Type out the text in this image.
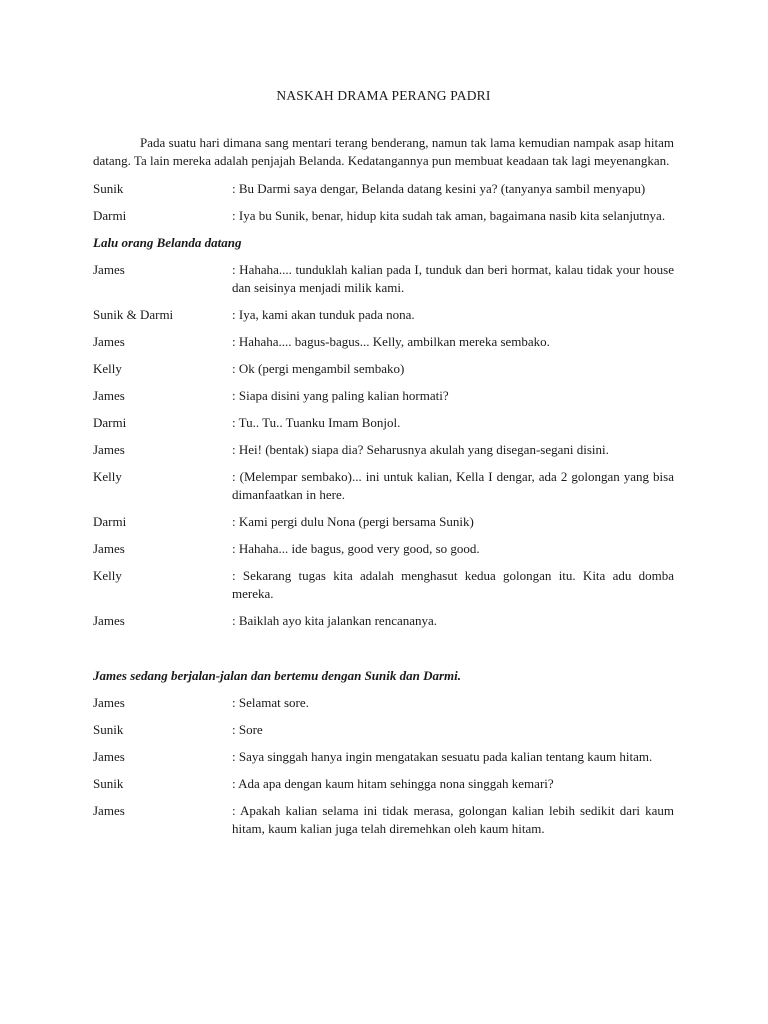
NASKAH DRAMA PERANG PADRI

Pada suatu hari dimana sang mentari terang benderang, namun tak lama kemudian nampak asap hitam datang. Ta lain mereka adalah penjajah Belanda. Kedatangannya pun membuat keadaan tak lagi meyenangkan.

Sunik	: Bu Darmi saya dengar, Belanda datang kesini ya? (tanyanya sambil menyapu)
Darmi	: Iya bu Sunik, benar, hidup kita sudah tak aman, bagaimana nasib kita selanjutnya.
Lalu orang Belanda datang
James	: Hahaha.... tunduklah kalian pada I, tunduk dan beri hormat, kalau tidak your house dan seisinya menjadi milik kami.
Sunik & Darmi	: Iya, kami akan tunduk pada nona.
James	: Hahaha.... bagus-bagus... Kelly, ambilkan mereka sembako.
Kelly	: Ok (pergi mengambil sembako)
James	: Siapa disini yang paling kalian hormati?
Darmi	: Tu.. Tu.. Tuanku Imam Bonjol.
James	: Hei! (bentak) siapa dia? Seharusnya akulah yang disegan-segani disini.
Kelly	: (Melempar sembako)... ini untuk kalian, Kella I dengar, ada 2 golongan yang bisa dimanfaatkan in here.
Darmi	: Kami pergi dulu Nona (pergi bersama Sunik)
James	: Hahaha... ide bagus, good very good, so good.
Kelly	: Sekarang tugas kita adalah menghasut kedua golongan itu. Kita adu domba mereka.
James	: Baiklah ayo kita jalankan rencananya.
James sedang berjalan-jalan dan bertemu dengan Sunik dan Darmi.
James	: Selamat sore.
Sunik	: Sore
James	: Saya singgah hanya ingin mengatakan sesuatu pada kalian tentang kaum hitam.
Sunik	: Ada apa dengan kaum hitam sehingga nona singgah kemari?
James	: Apakah kalian selama ini tidak merasa, golongan kalian lebih sedikit dari kaum hitam, kaum kalian juga telah diremehkan oleh kaum hitam.
